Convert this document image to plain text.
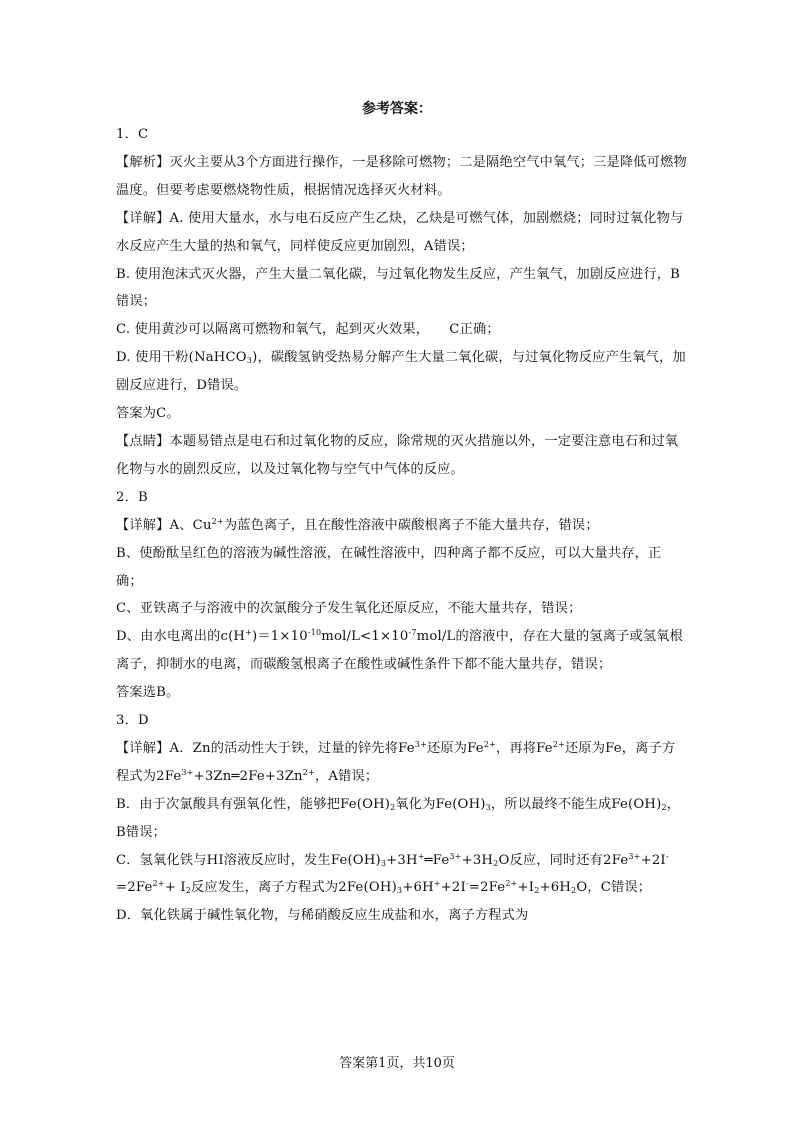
参考答案：

1．C

【解析】灭火主要从3个方面进行操作，一是移除可燃物；二是隔绝空气中氧气；三是降低可燃物温度。但要考虑要燃烧物性质，根据情况选择灭火材料。

【详解】A. 使用大量水，水与电石反应产生乙炔，乙炔是可燃气体，加剧燃烧；同时过氧化物与水反应产生大量的热和氧气，同样使反应更加剧烈，A错误；

B. 使用泡沫式灭火器，产生大量二氧化碳，与过氧化物发生反应，产生氧气，加剧反应进行，B错误；

C. 使用黄沙可以隔离可燃物和氧气，起到灭火效果，　　C正确；

D. 使用干粉(NaHCO$_3$)，碳酸氢钠受热易分解产生大量二氧化碳，与过氧化物反应产生氧气，加剧反应进行，D错误。

答案为C。

【点睛】本题易错点是电石和过氧化物的反应，除常规的灭火措施以外，一定要注意电石和过氧化物与水的剧烈反应，以及过氧化物与空气中气体的反应。

2．B

【详解】A、$Cu^{2+}$为蓝色离子，且在酸性溶液中碳酸根离子不能大量共存，错误；

B、使酚酞呈红色的溶液为碱性溶液，在碱性溶液中，四种离子都不反应，可以大量共存，正确；

C、亚铁离子与溶液中的次氯酸分子发生氧化还原反应，不能大量共存，错误；

D、由水电离出的$c(H^+)=1\times 10^{-10}mol/L<1\times 10^{-7}mol/L$的溶液中，存在大量的氢离子或氢氧根离子，抑制水的电离，而碳酸氢根离子在酸性或碱性条件下都不能大量共存，错误；

答案选B。

3．D

【详解】A．Zn的活动性大于铁，过量的锌先将$Fe^{3+}$还原为$Fe^{2+}$，再将$Fe^{2+}$还原为Fe，离子方程式为$2Fe^{3+}+3Zn═2Fe+3Zn^{2+}$，A错误；

B．由于次氯酸具有强氧化性，能够把$Fe(OH)_2$氧化为$Fe(OH)_3$，所以最终不能生成$Fe(OH)_2$，B错误；

C．氢氧化铁与HI溶液反应时，发生$Fe(OH)_3+3H^+═Fe^{3+}+3H_2O$反应，同时还有$2Fe^{3+}+2I^-=2Fe^{2+}+ I_2$反应发生，离子方程式为$2Fe(OH)_3+6H^++2I^-=2Fe^{2+}+I_2+6H_2O$，C错误；

D．氧化铁属于碱性氧化物，与稀硝酸反应生成盐和水，离子方程式为

答案第1页，共10页
